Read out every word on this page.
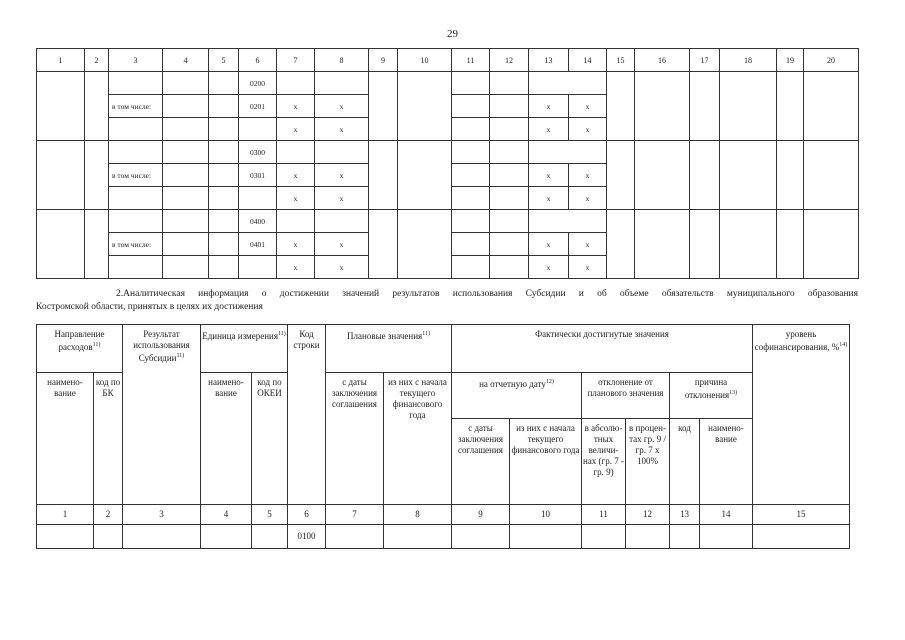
29
1	2	3	4	5	6	7	8	9	10	11	12	13	14	15	16	17	18	19	20
					0200														
		в том числе:			0201	х	х					х	х						
						х	х					х	х						
					0300														
		в том числе:			0301	х	х					х	х						
						х	х					х	х						
					0400														
		в том числе:			0401	х	х					х	х						
						х	х					х	х						
2.Аналитическая информация о достижении значений результатов использования Субсидии и об объеме обязательств муниципального образования
Костромской области, принятых в целях их достижения
Направление расходов$^{11)}$		Результат использования Субсидии$^{11)}$	Единица измерения$^{11)}$		Код строки	Плановые значения$^{11)}$		Фактически достигнутые значения						уровень софинансирования, %$^{14)}$
наимено-вание	код по БК		наимено-вание	код по ОКЕИ		с даты заключения соглашения	из них с начала текущего финансового года	на отчетную дату$^{12)}$		отклонение от планового значения		причина отклонения$^{13)}$
								с даты заключения соглашения	из них с начала текущего финансового года	в абсолю-тных величи-нах (гр. 7 - гр. 9)	в процен-тах гр. 9 / гр. 7 х 100%	код	наимено-вание	
1	2	3	4	5	6	7	8	9	10	11	12	13	14	15
					0100									
